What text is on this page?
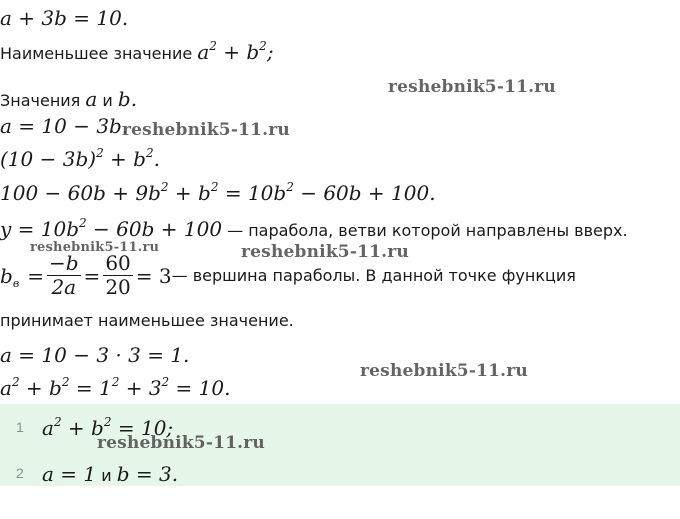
a + 3b = 10.
Наименьшее значение $a^2 + b^2$;
Значения a и b.
a = 10 − 3b.
$(10 - 3b)^2 + b^2$.
$100 - 60b + 9b^2 + b^2 = 10b^2 - 60b + 100$.
$y = 10b^2 - 60b + 100$ — парабола, ветви которой направлены вверх.
$b_в = \frac{-b}{2a} = \frac{60}{20} = 3$ — вершина параболы. В данной точке функция
принимает наименьшее значение.
a = 10 − 3 · 3 = 1.
$a^2 + b^2 = 1^2 + 3^2 = 10$.
1 $a^2 + b^2 = 10$;
2 a = 1 и b = 3.
reshebnik5-11.ru
reshebnik5-11.ru
reshebnik5-11.ru	reshebnik5-11.ru
reshebnik5-11.ru
reshebnik5-11.ru
